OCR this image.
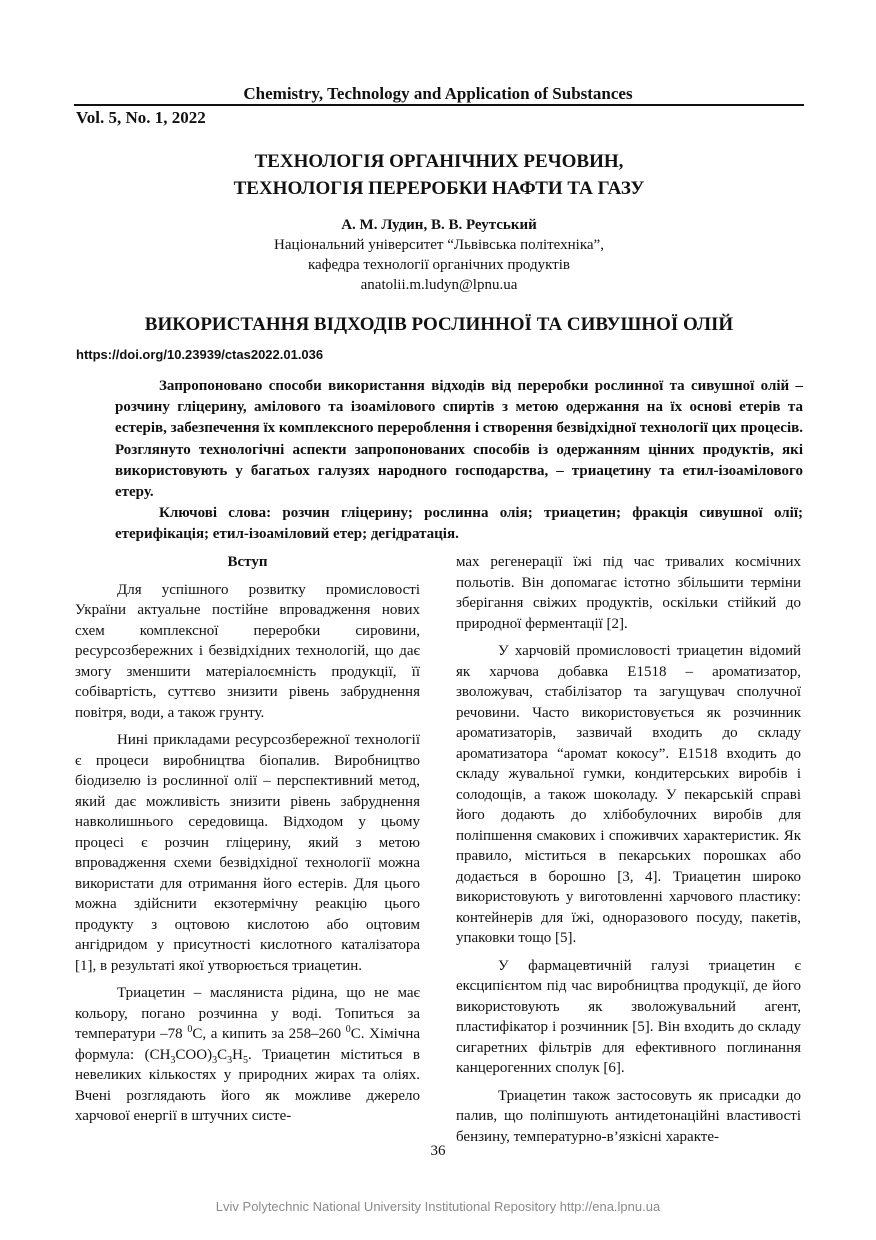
Chemistry, Technology and Application of Substances
Vol. 5, No. 1, 2022
ТЕХНОЛОГІЯ ОРГАНІЧНИХ РЕЧОВИН,
ТЕХНОЛОГІЯ ПЕРЕРОБКИ НАФТИ ТА ГАЗУ
А. М. Лудин, В. В. Реутський
Національний університет “Львівська політехніка”,
кафедра технології органічних продуктів
anatolii.m.ludyn@lpnu.ua
ВИКОРИСТАННЯ ВІДХОДІВ РОСЛИННОЇ ТА СИВУШНОЇ ОЛІЙ
https://doi.org/10.23939/ctas2022.01.036

Запропоновано способи використання відходів від переробки рослинної та сивушної олій – розчину гліцерину, амілового та ізоамілового спиртів з метою одержання на їх основі етерів та естерів, забезпечення їх комплексного перероблення і створення безвідхідної технології цих процесів. Розглянуто технологічні аспекти запропонованих способів із одержанням цінних продуктів, які використовують у багатьох галузях народного господарства, – триацетину та етил-ізоамілового етеру.

Ключові слова: розчин гліцерину; рослинна олія; триацетин; фракція сивушної олії; етерифікація; етил-ізоаміловий етер; дегідратація.

Вступ

Для успішного розвитку промисловості України актуальне постійне впровадження нових схем комплексної переробки сировини, ресурсозбережних і безвідхідних технологій, що дає змогу зменшити матеріалоємність продукції, її собівартість, суттєво знизити рівень забруднення повітря, води, а також грунту.

Нині прикладами ресурсозбережної технології є процеси виробництва біопалив. Виробництво біодизелю із рослинної олії – перспективний метод, який дає можливість знизити рівень забруднення навколишнього середовища. Відходом у цьому процесі є розчин гліцерину, який з метою впровадження схеми безвідхідної технології можна використати для отримання його естерів. Для цього можна здійснити екзотермічну реакцію цього продукту з оцтовою кислотою або оцтовим ангідридом у присутності кислотного каталізатора [1], в результаті якої утворюється триацетин.

Триацетин – масляниста рідина, що не має кольору, погано розчинна у воді. Топиться за температури –78 $^0$C, а кипить за 258–260 $^0$C. Хімічна формула: $(CH_3COO)_3C_3H_5$. Триацетин міститься в невеликих кількостях у природних жирах та оліях. Вчені розглядають його як можливе джерело харчової енергії в штучних систе-

мах регенерації їжі під час тривалих космічних польотів. Він допомагає істотно збільшити терміни зберігання свіжих продуктів, оскільки стійкий до природної ферментації [2].

У харчовій промисловості триацетин відомий як харчова добавка E1518 – ароматизатор, зволожувач, стабілізатор та загущувач сполучної речовини. Часто використовується як розчинник ароматизаторів, зазвичай входить до складу ароматизатора “аромат кокосу”. E1518 входить до складу жувальної гумки, кондитерських виробів і солодощів, а також шоколаду. У пекарській справі його додають до хлібобулочних виробів для поліпшення смакових і споживчих характеристик. Як правило, міститься в пекарських порошках або додається в борошно [3, 4]. Триацетин широко використовують у виготовленні харчового пластику: контейнерів для їжі, одноразового посуду, пакетів, упаковки тощо [5].

У фармацевтичній галузі триацетин є ексципієнтом під час виробництва продукції, де його використовують як зволожувальний агент, пластифікатор і розчинник [5]. Він входить до складу сигаретних фільтрів для ефективного поглинання канцерогенних сполук [6].

Триацетин також застосовуть як присадки до палив, що поліпшують антидетонаційні властивості бензину, температурно-в’язкісні характе-

36
Lviv Polytechnic National University Institutional Repository http://ena.lpnu.ua
